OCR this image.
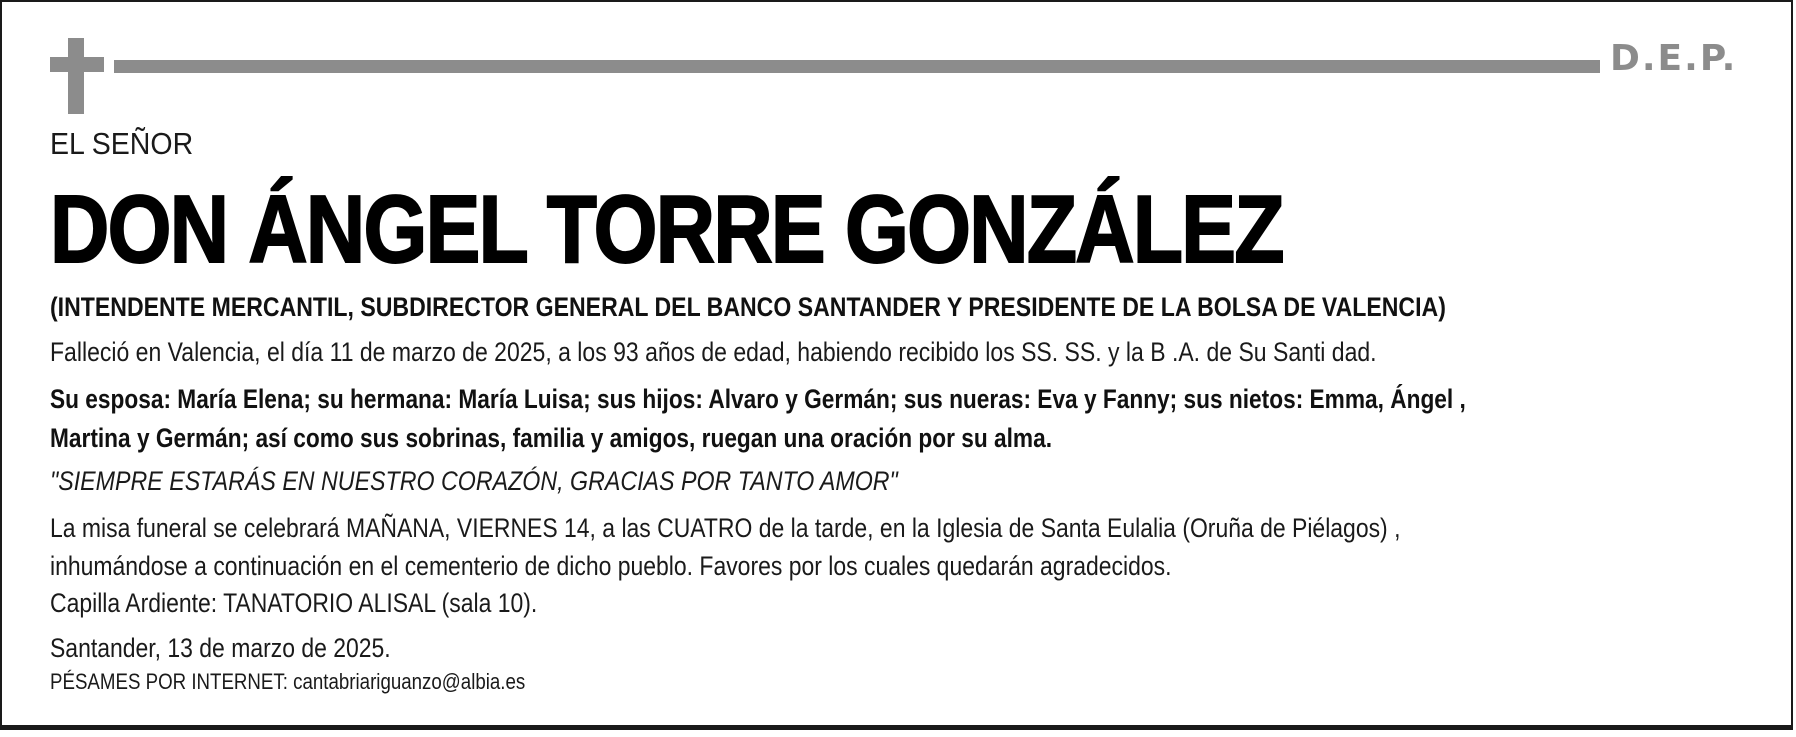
D.E.P.
EL SEÑOR
DON ÁNGEL TORRE GONZÁLEZ
(INTENDENTE MERCANTIL, SUBDIRECTOR GENERAL DEL BANCO SANTANDER Y PRESIDENTE DE LA BOLSA DE VALENCIA)
Falleció en Valencia, el día 11 de marzo de 2025, a los 93 años de edad, habiendo recibido los SS. SS. y la B .A. de Su Santi dad.
Su esposa: María Elena; su hermana: María Luisa; sus hijos: Alvaro y Germán; sus nueras: Eva y Fanny; sus nietos: Emma, Ángel ,
Martina y Germán; así como sus sobrinas, familia y amigos, ruegan una oración por su alma.
"SIEMPRE ESTARÁS EN NUESTRO CORAZÓN, GRACIAS POR TANTO AMOR"
La misa funeral se celebrará MAÑANA, VIERNES 14, a las CUATRO de la tarde, en la Iglesia de Santa Eulalia (Oruña de Piélagos) ,
inhumándose a continuación en el cementerio de dicho pueblo. Favores por los cuales quedarán agradecidos.
Capilla Ardiente: TANATORIO ALISAL (sala 10).
Santander, 13 de marzo de 2025.
PÉSAMES POR INTERNET: cantabriariguanzo@albia.es
